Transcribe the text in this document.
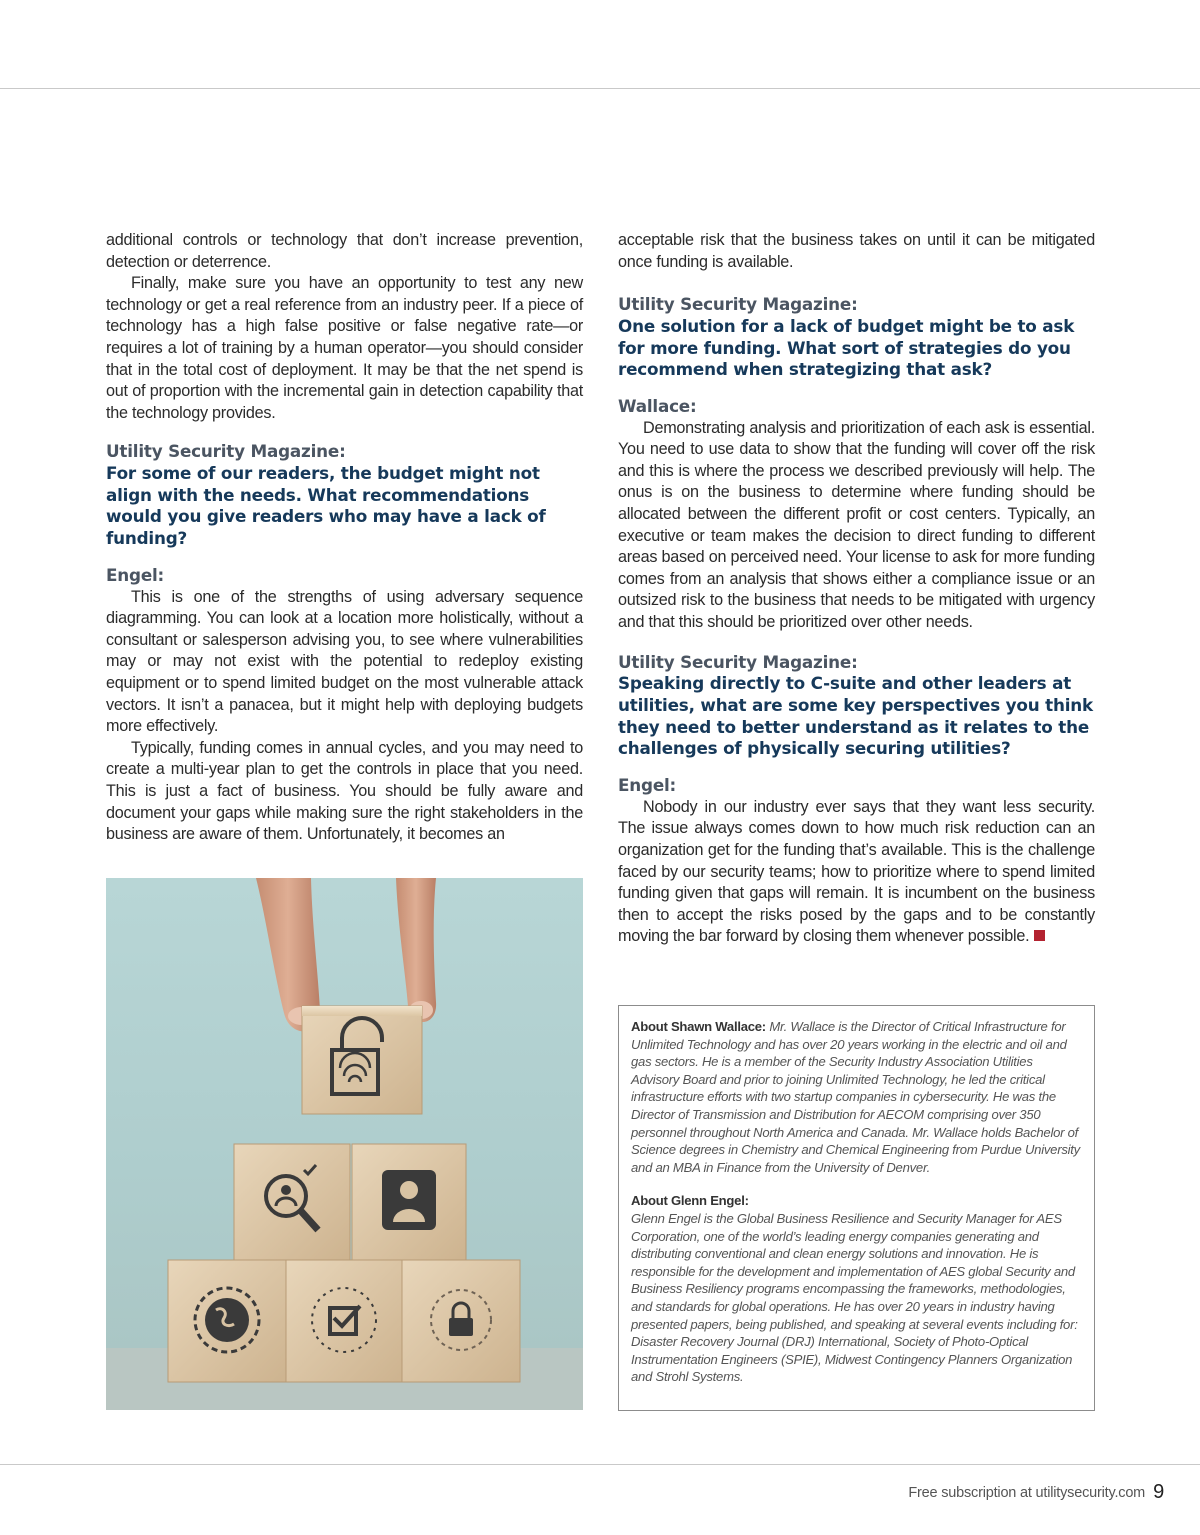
additional controls or technology that don’t increase prevention, detection or deterrence.

Finally, make sure you have an opportunity to test any new technology or get a real reference from an industry peer. If a piece of technology has a high false positive or false negative rate—or requires a lot of training by a human operator—you should consider that in the total cost of deployment. It may be that the net spend is out of proportion with the incremental gain in detection capability that the technology provides.

Utility Security Magazine:
For some of our readers, the budget might not align with the needs. What recommendations would you give readers who may have a lack of funding?
Engel:

This is one of the strengths of using adversary sequence diagramming. You can look at a location more holistically, without a consultant or salesperson advising you, to see where vulnerabilities may or may not exist with the potential to redeploy existing equipment or to spend limited budget on the most vulnerable attack vectors. It isn’t a panacea, but it might help with deploying budgets more effectively.

Typically, funding comes in annual cycles, and you may need to create a multi-year plan to get the controls in place that you need. This is just a fact of business. You should be fully aware and document your gaps while making sure the right stakeholders in the business are aware of them. Unfortunately, it becomes an

acceptable risk that the business takes on until it can be mitigated once funding is available.

Utility Security Magazine:
One solution for a lack of budget might be to ask for more funding. What sort of strategies do you recommend when strategizing that ask?
Wallace:

Demonstrating analysis and prioritization of each ask is essential. You need to use data to show that the funding will cover off the risk and this is where the process we described previously will help. The onus is on the business to determine where funding should be allocated between the different profit or cost centers. Typically, an executive or team makes the decision to direct funding to different areas based on perceived need. Your license to ask for more funding comes from an analysis that shows either a compliance issue or an outsized risk to the business that needs to be mitigated with urgency and that this should be prioritized over other needs.

Utility Security Magazine:
Speaking directly to C-suite and other leaders at utilities, what are some key perspectives you think they need to better understand as it relates to the challenges of physically securing utilities?
Engel:

Nobody in our industry ever says that they want less security. The issue always comes down to how much risk reduction can an organization get for the funding that’s available. This is the challenge faced by our security teams; how to prioritize where to spend limited funding given that gaps will remain. It is incumbent on the business then to accept the risks posed by the gaps and to be constantly moving the bar forward by closing them whenever possible.

About Shawn Wallace: Mr. Wallace is the Director of Critical Infrastructure for Unlimited Technology and has over 20 years working in the electric and oil and gas sectors. He is a member of the Security Industry Association Utilities Advisory Board and prior to joining Unlimited Technology, he led the critical infrastructure efforts with two startup companies in cybersecurity. He was the Director of Transmission and Distribution for AECOM comprising over 350 personnel throughout North America and Canada. Mr. Wallace holds Bachelor of Science degrees in Chemistry and Chemical Engineering from Purdue University and an MBA in Finance from the University of Denver.
About Glenn Engel:
Glenn Engel is the Global Business Resilience and Security Manager for AES Corporation, one of the world’s leading energy companies generating and distributing conventional and clean energy solutions and innovation. He is responsible for the development and implementation of AES global Security and Business Resiliency programs encompassing the frameworks, methodologies, and standards for global operations. He has over 20 years in industry having presented papers, being published, and speaking at several events including for: Disaster Recovery Journal (DRJ) International, Society of Photo-Optical Instrumentation Engineers (SPIE), Midwest Contingency Planners Organization and Strohl Systems.
Free subscription at utilitysecurity.com 9
